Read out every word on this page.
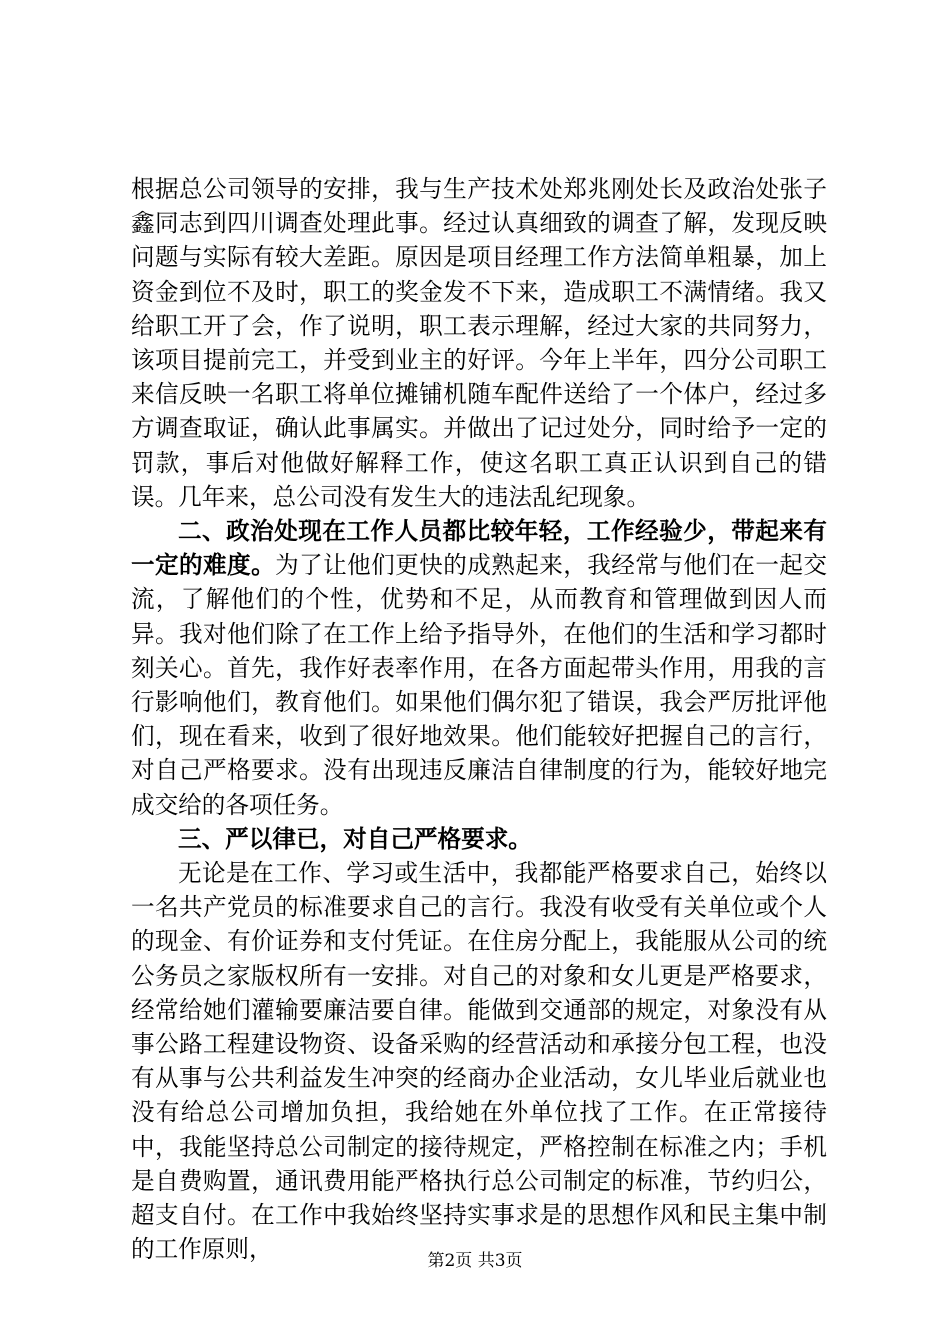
根据总公司领导的安排，我与生产技术处郑兆刚处长及政治处张子鑫同志到四川调查处理此事。经过认真细致的调查了解，发现反映问题与实际有较大差距。原因是项目经理工作方法简单粗暴，加上资金到位不及时，职工的奖金发不下来，造成职工不满情绪。我又给职工开了会，作了说明，职工表示理解，经过大家的共同努力，该项目提前完工，并受到业主的好评。今年上半年，四分公司职工来信反映一名职工将单位摊铺机随车配件送给了一个体户，经过多方调查取证，确认此事属实。并做出了记过处分，同时给予一定的罚款，事后对他做好解释工作，使这名职工真正认识到自己的错误。几年来，总公司没有发生大的违法乱纪现象。

二、政治处现在工作人员都比较年轻，工作经验少，带起来有一定的难度。为了让他们更快的成熟起来，我经常与他们在一起交流，了解他们的个性，优势和不足，从而教育和管理做到因人而异。我对他们除了在工作上给予指导外，在他们的生活和学习都时刻关心。首先，我作好表率作用，在各方面起带头作用，用我的言行影响他们，教育他们。如果他们偶尔犯了错误，我会严厉批评他们，现在看来，收到了很好地效果。他们能较好把握自己的言行，对自己严格要求。没有出现违反廉洁自律制度的行为，能较好地完成交给的各项任务。

三、严以律已，对自己严格要求。

无论是在工作、学习或生活中，我都能严格要求自己，始终以一名共产党员的标准要求自己的言行。我没有收受有关单位或个人的现金、有价证券和支付凭证。在住房分配上，我能服从公司的统公务员之家版权所有一安排。对自己的对象和女儿更是严格要求，经常给她们灌输要廉洁要自律。能做到交通部的规定，对象没有从事公路工程建设物资、设备采购的经营活动和承接分包工程，也没有从事与公共利益发生冲突的经商办企业活动，女儿毕业后就业也没有给总公司增加负担，我给她在外单位找了工作。在正常接待中，我能坚持总公司制定的接待规定，严格控制在标准之内；手机是自费购置，通讯费用能严格执行总公司制定的标准，节约归公，超支自付。在工作中我始终坚持实事求是的思想作风和民主集中制的工作原则，	第2页 共3页
